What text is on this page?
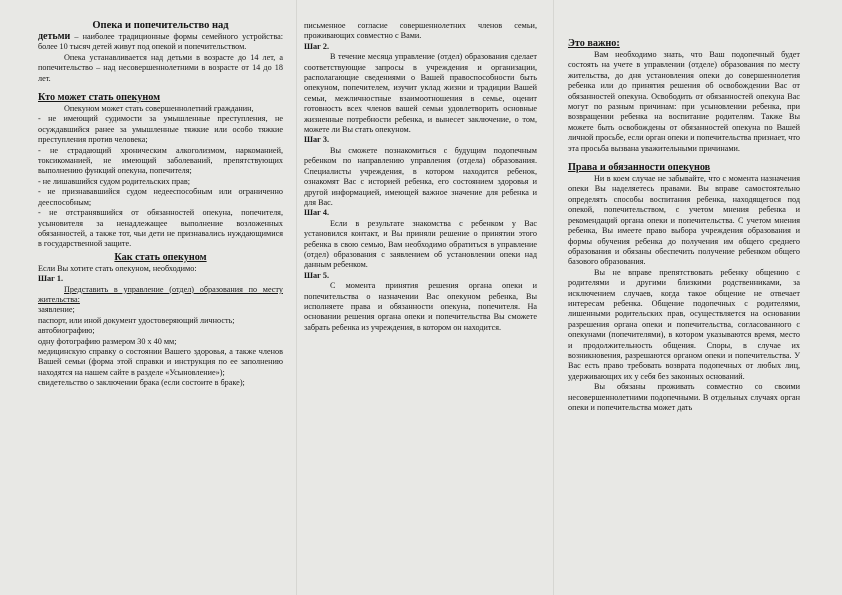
Опека и попечительство над

детьми – наиболее традиционные формы семейного устройства: более 10 тысяч детей живут под опекой и попечительством.

Опека устанавливается над детьми в возрасте до 14 лет, а попечительство – над несовершеннолетними в возрасте от 14 до 18 лет.

Кто может стать опекуном

Опекуном может стать совершеннолетний гражданин,

- не имеющий судимости за умышленные преступления, не осуждавшийся ранее за умышленные тяжкие или особо тяжкие преступления против человека;

- не страдающий хроническим алкоголизмом, наркоманией, токсикоманией, не имеющий заболеваний, препятствующих выполнению функций опекуна, попечителя;

- не лишавшийся судом родительских прав;

- не признававшийся судом недееспособным или ограниченно дееспособным;

- не отстранявшийся от обязанностей опекуна, попечителя, усыновителя за ненадлежащее выполнение возложенных обязанностей, а также тот, чьи дети не признавались нуждающимися в государственной защите.

Как стать опекуном

Если Вы хотите стать опекуном, необходимо:

Шаг 1.

Представить в управление (отдел) образования по месту жительства:

заявление;

паспорт, или иной документ удостоверяющий личность;

автобиографию;

одну фотографию размером 30 х 40 мм;

медицинскую справку о состоянии Вашего здоровья, а также членов Вашей семьи (форма этой справки и инструкция по ее заполнению находятся на нашем сайте в разделе «Усыновление»);

свидетельство о заключении брака (если состоите в браке);

письменное согласие совершеннолетних членов семьи, проживающих совместно с Вами.

Шаг 2.

В течение месяца управление (отдел) образования сделает соответствующие запросы в учреждения и организации, располагающие сведениями о Вашей правоспособности быть опекуном, попечителем, изучит уклад жизни и традиции Вашей семьи, межличностные взаимоотношения в семье, оценит готовность всех членов вашей семьи удовлетворить основные жизненные потребности ребенка, и вынесет заключение, о том, можете ли Вы стать опекуном.

Шаг 3.

Вы сможете познакомиться с будущим подопечным ребенком по направлению управления (отдела) образования. Специалисты учреждения, в котором находится ребенок, ознакомят Вас с историей ребенка, его состоянием здоровья и другой информацией, имеющей важное значение для ребенка и для Вас.

Шаг 4.

Если в результате знакомства с ребенком у Вас установился контакт, и Вы приняли решение о принятии этого ребенка в свою семью, Вам необходимо обратиться в управление (отдел) образования с заявлением об установлении опеки над данным ребенком.

Шаг 5.

С момента принятия решения органа опеки и попечительства о назначении Вас опекуном ребенка, Вы исполняете права и обязанности опекуна, попечителя. На основании решения органа опеки и попечительства Вы сможете забрать ребенка из учреждения, в котором он находится.

Это важно:

Вам необходимо знать, что Ваш подопечный будет состоять на учете в управлении (отделе) образования по месту жительства, до дня установления опеки до совершеннолетия ребенка или до принятия решения об освобождении Вас от обязанностей опекуна. Освободить от обязанностей опекуна Вас могут по разным причинам: при усыновлении ребенка, при возвращении ребенка на воспитание родителям. Также Вы можете быть освобождены от обязанностей опекуна по Вашей личной просьбе, если орган опеки и попечительства признает, что эта просьба вызвана уважительными причинами.

Права и обязанности опекунов

Ни в коем случае не забывайте, что с момента назначения опеки Вы наделяетесь правами. Вы вправе самостоятельно определять способы воспитания ребенка, находящегося под опекой, попечительством, с учетом мнения ребенка и рекомендаций органа опеки и попечительства. С учетом мнения ребенка, Вы имеете право выбора учреждения образования и формы обучения ребенка до получения им общего среднего образования и обязаны обеспечить получение ребенком общего базового образования.

Вы не вправе препятствовать ребенку общению с родителями и другими близкими родственниками, за исключением случаев, когда такое общение не отвечает интересам ребенка. Общение подопечных с родителями, лишенными родительских прав, осуществляется на основании разрешения органа опеки и попечительства, согласованного с опекунами (попечителями), в котором указываются время, место и продолжительность общения. Споры, в случае их возникновения, разрешаются органом опеки и попечительства. У Вас есть право требовать возврата подопечных от любых лиц, удерживающих их у себя без законных оснований.

Вы обязаны проживать совместно со своими несовершеннолетними подопечными. В отдельных случаях орган опеки и попечительства может дать
